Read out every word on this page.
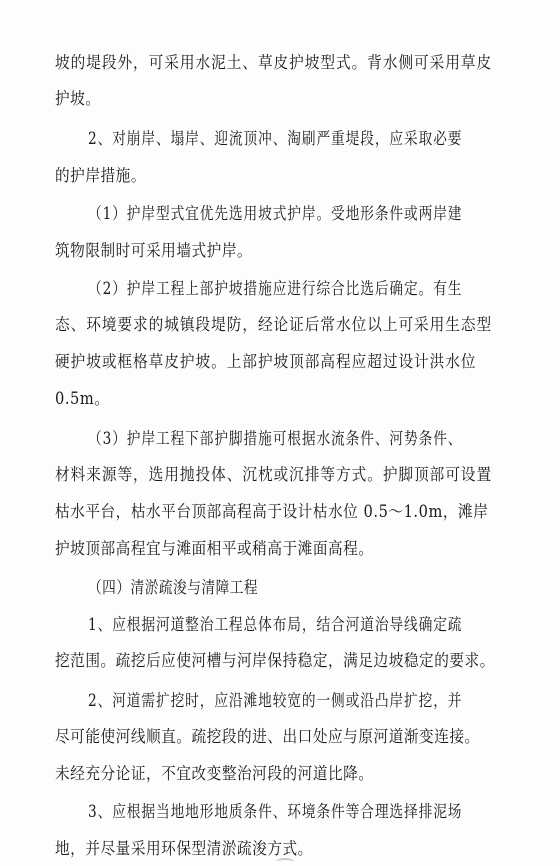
坡的堤段外，可采用水泥土、草皮护坡型式。背水侧可采用草皮
护坡。
2、对崩岸、塌岸、迎流顶冲、淘刷严重堤段，应采取必要
的护岸措施。
（1）护岸型式宜优先选用坡式护岸。受地形条件或两岸建
筑物限制时可采用墙式护岸。
（2）护岸工程上部护坡措施应进行综合比选后确定。有生
态、环境要求的城镇段堤防，经论证后常水位以上可采用生态型
硬护坡或框格草皮护坡。上部护坡顶部高程应超过设计洪水位
0.5m。
（3）护岸工程下部护脚措施可根据水流条件、河势条件、
材料来源等，选用抛投体、沉枕或沉排等方式。护脚顶部可设置
枯水平台，枯水平台顶部高程高于设计枯水位 0.5～1.0m，滩岸
护坡顶部高程宜与滩面相平或稍高于滩面高程。
（四）清淤疏浚与清障工程
1、应根据河道整治工程总体布局，结合河道治导线确定疏
挖范围。疏挖后应使河槽与河岸保持稳定，满足边坡稳定的要求。
2、河道需扩挖时，应沿滩地较宽的一侧或沿凸岸扩挖，并
尽可能使河线顺直。疏挖段的进、出口处应与原河道渐变连接。
未经充分论证，不宜改变整治河段的河道比降。
3、应根据当地地形地质条件、环境条件等合理选择排泥场
地，并尽量采用环保型清淤疏浚方式。
